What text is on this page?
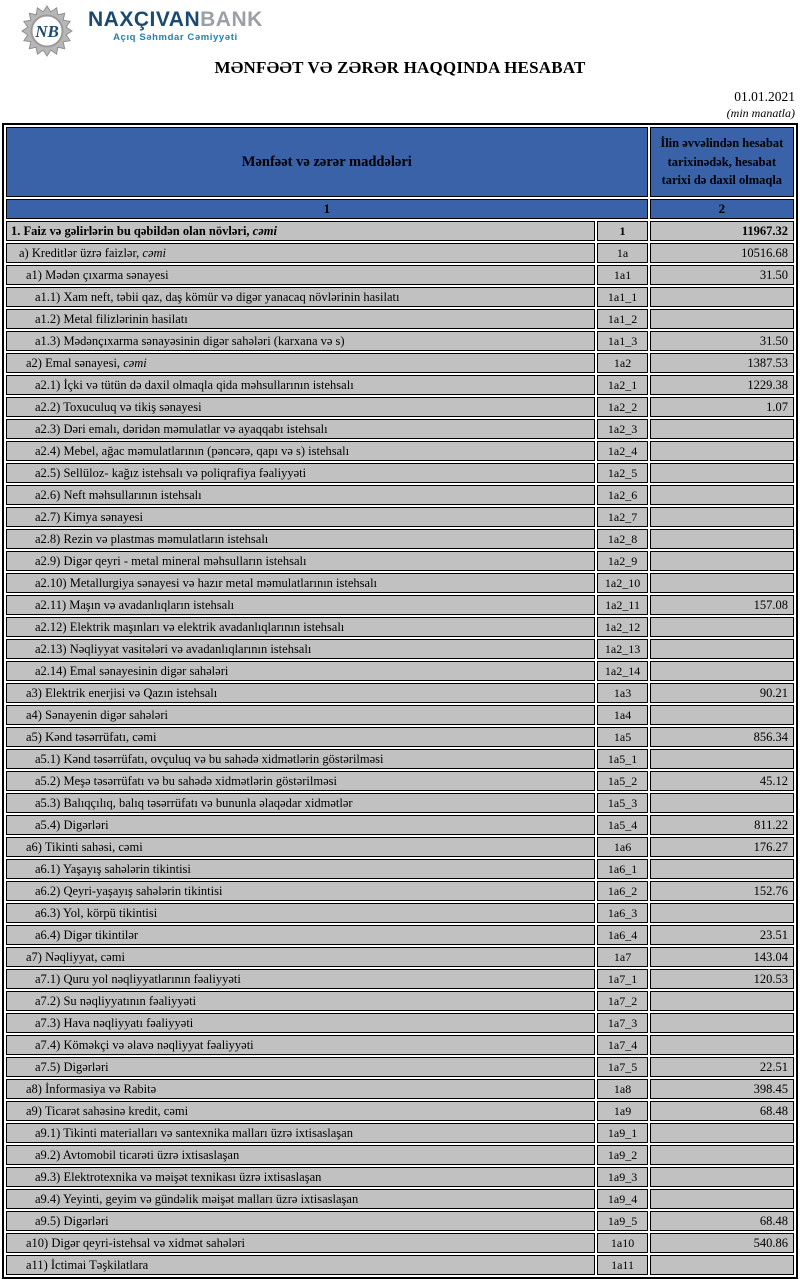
NB
NAXÇIVANBANK
Açıq Səhmdar Cəmiyyəti
MƏNFƏƏT VƏ ZƏRƏR HAQQINDA HESABAT
01.01.2021
(min manatla)
Mənfəət və zərər maddələri		İlin əvvəlindən hesabat tarixinədək, hesabat tarixi də daxil olmaqla
1		2
1. Faiz və gəlirlərin bu qəbildən olan növləri, cəmi	1	11967.32
a) Kreditlər üzrə faizlər, cəmi	1a	10516.68
a1) Mədən çıxarma sənayesi	1a1	31.50
a1.1) Xam neft, təbii qaz, daş kömür və digər yanacaq növlərinin hasilatı	1a1_1	
a1.2) Metal filizlərinin hasilatı	1a1_2	
a1.3) Mədənçıxarma sənayəsinin digər sahələri (karxana və s)	1a1_3	31.50
a2) Emal sənayesi, cəmi	1a2	1387.53
a2.1) İçki və tütün də daxil olmaqla qida məhsullarının istehsalı	1a2_1	1229.38
a2.2) Toxuculuq və tikiş sənayesi	1a2_2	1.07
a2.3) Dəri emalı, dəridən məmulatlar və ayaqqabı istehsalı	1a2_3	
a2.4) Mebel, ağac məmulatlarının (pəncərə, qapı və s) istehsalı	1a2_4	
a2.5) Sellüloz- kağız istehsalı və poliqrafiya fəaliyyəti	1a2_5	
a2.6) Neft məhsullarının istehsalı	1a2_6	
a2.7) Kimya sənayesi	1a2_7	
a2.8) Rezin və plastmas məmulatların istehsalı	1a2_8	
a2.9) Digər qeyri - metal mineral məhsulların istehsalı	1a2_9	
a2.10) Metallurgiya sənayesi və hazır metal məmulatlarının istehsalı	1a2_10	
a2.11) Maşın və avadanlıqların istehsalı	1a2_11	157.08
a2.12) Elektrik maşınları və elektrik avadanlıqlarının istehsalı	1a2_12	
a2.13) Nəqliyyat vasitələri və avadanlıqlarının istehsalı	1a2_13	
a2.14) Emal sənayesinin digər sahələri	1a2_14	
a3) Elektrik enerjisi və Qazın istehsalı	1a3	90.21
a4) Sənayenin digər sahələri	1a4	
a5) Kənd təsərrüfatı, cəmi	1a5	856.34
a5.1) Kənd təsərrüfatı, ovçuluq və bu sahədə xidmətlərin göstərilməsi	1a5_1	
a5.2) Meşə təsərrüfatı və bu sahədə xidmətlərin göstərilməsi	1a5_2	45.12
a5.3) Balıqçılıq, balıq təsərrüfatı və bununla əlaqədar xidmətlər	1a5_3	
a5.4) Digərləri	1a5_4	811.22
a6) Tikinti sahəsi, cəmi	1a6	176.27
a6.1) Yaşayış sahələrin tikintisi	1a6_1	
a6.2) Qeyri-yaşayış sahələrin tikintisi	1a6_2	152.76
a6.3) Yol, körpü tikintisi	1a6_3	
a6.4) Digər tikintilər	1a6_4	23.51
a7) Nəqliyyat, cəmi	1a7	143.04
a7.1) Quru yol nəqliyyatlarının fəaliyyəti	1a7_1	120.53
a7.2) Su nəqliyyatının fəaliyyəti	1a7_2	
a7.3) Hava nəqliyyatı fəaliyyəti	1a7_3	
a7.4) Köməkçi və əlavə nəqliyyat fəaliyyəti	1a7_4	
a7.5) Digərləri	1a7_5	22.51
a8) İnformasiya və Rabitə	1a8	398.45
a9) Ticarət sahəsinə kredit, cəmi	1a9	68.48
a9.1) Tikinti materialları və santexnika malları üzrə ixtisaslaşan	1a9_1	
a9.2) Avtomobil ticarəti üzrə ixtisaslaşan	1a9_2	
a9.3) Elektrotexnika və məişət texnikası üzrə ixtisaslaşan	1a9_3	
a9.4) Yeyinti, geyim və gündəlik məişət malları üzrə ixtisaslaşan	1a9_4	
a9.5) Digərləri	1a9_5	68.48
a10) Digər qeyri-istehsal və xidmət sahələri	1a10	540.86
a11) İctimai Təşkilatlara	1a11	
